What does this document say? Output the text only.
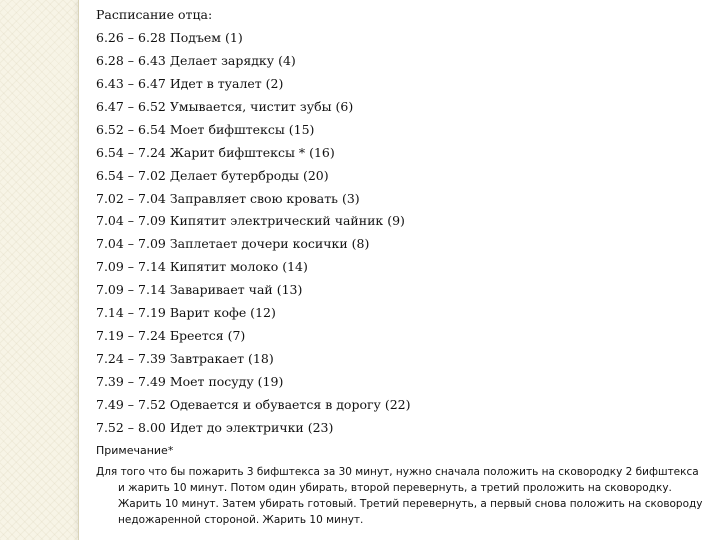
Расписание отца:
6.26 – 6.28 Подъем (1)
6.28 – 6.43 Делает зарядку (4)
6.43 – 6.47 Идет в туалет (2)
6.47 – 6.52 Умывается, чистит зубы (6)
6.52 – 6.54 Моет бифштексы (15)
6.54 – 7.24 Жарит бифштексы * (16)
6.54 – 7.02 Делает бутерброды (20)
7.02 – 7.04 Заправляет свою кровать (3)
7.04 – 7.09 Кипятит электрический чайник (9)
7.04 – 7.09 Заплетает дочери косички (8)
7.09 – 7.14 Кипятит молоко (14)
7.09 – 7.14 Заваривает чай (13)
7.14 – 7.19 Варит кофе (12)
7.19 – 7.24 Бреется (7)
7.24 – 7.39 Завтракает (18)
7.39 – 7.49 Моет посуду (19)
7.49 – 7.52 Одевается и обувается в дорогу (22)
7.52 – 8.00 Идет до электрички (23)
Примечание*

Для того что бы пожарить 3 бифштекса за 30 минут, нужно сначала положить на сковородку 2 бифштекса и жарить 10 минут. Потом один убирать, второй перевернуть, а третий проложить на сковородку. Жарить 10 минут. Затем убирать готовый. Третий перевернуть, а первый снова положить на сковороду недожаренной стороной. Жарить 10 минут.
